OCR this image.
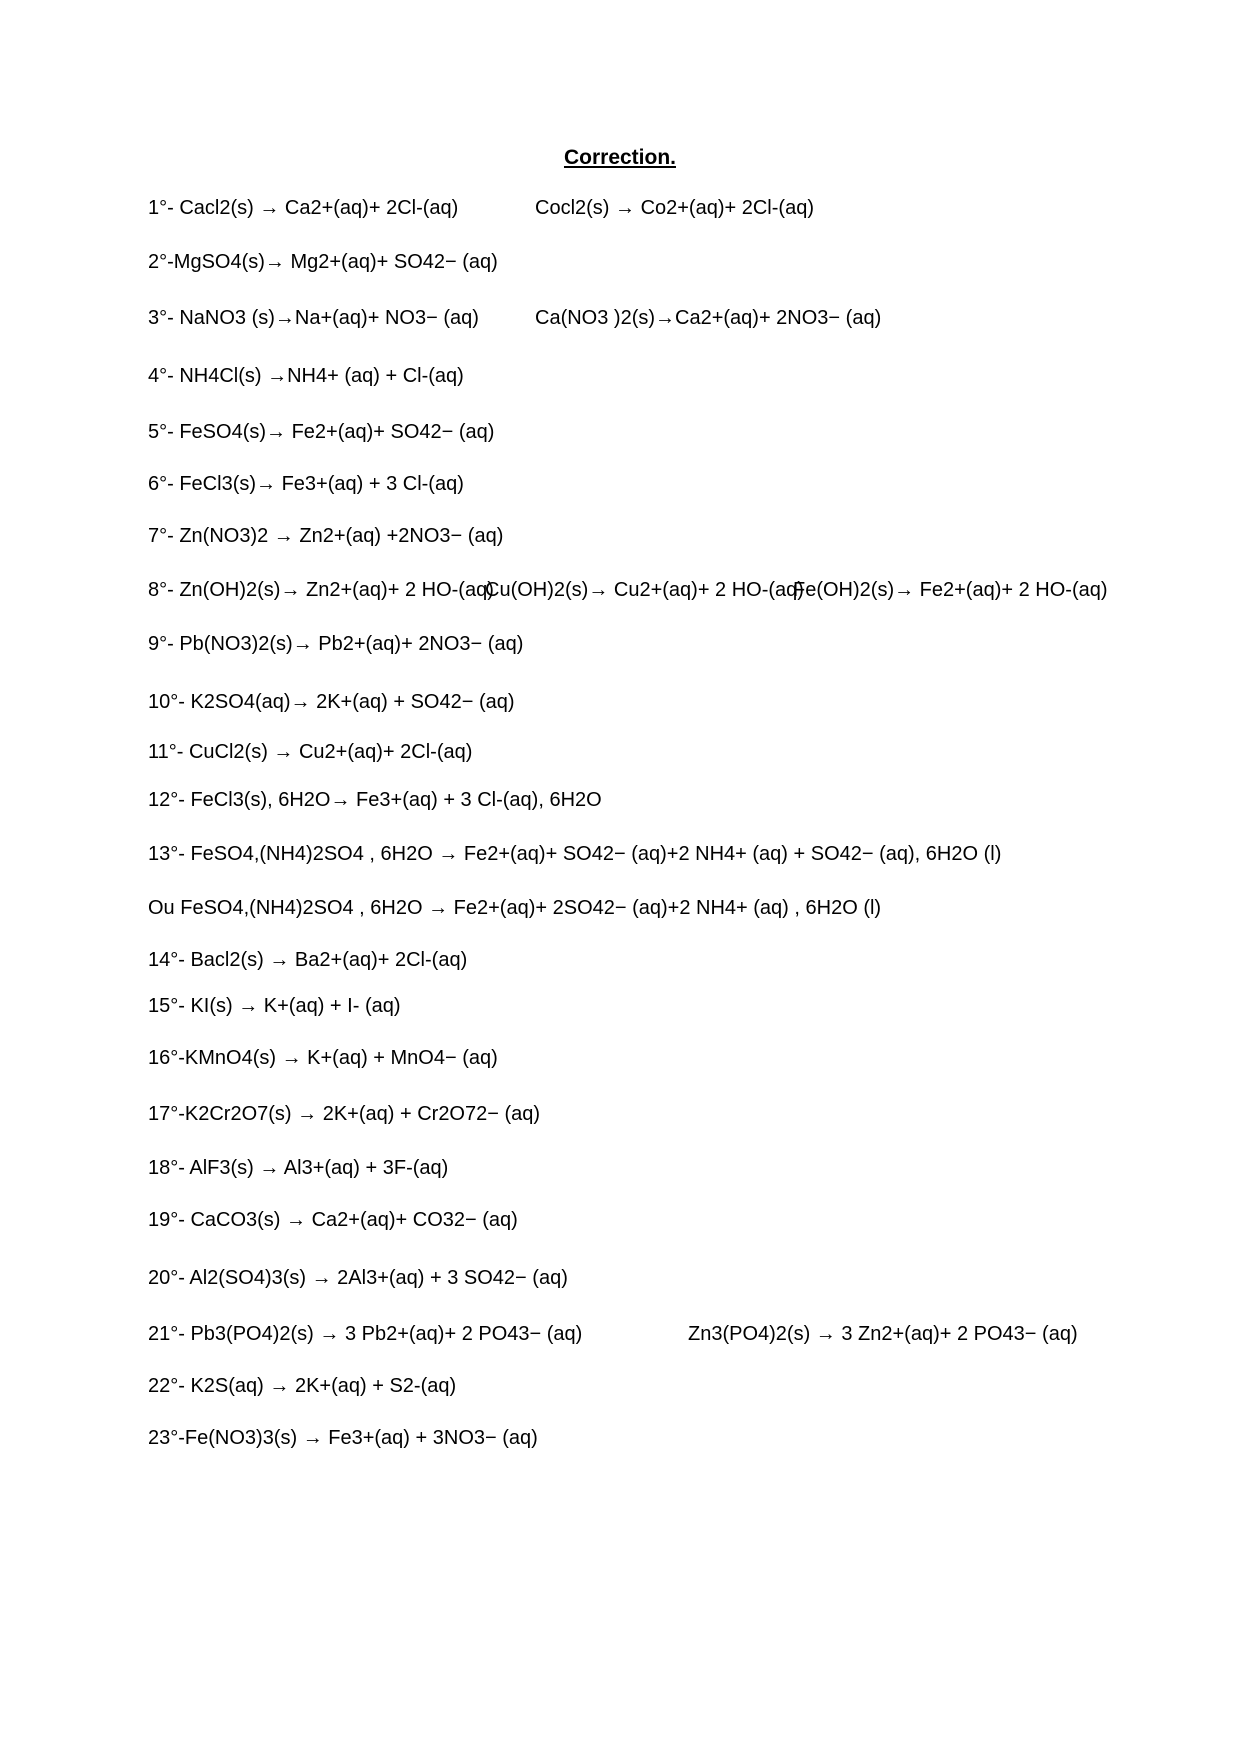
Correction.
1°- Cacl2(s) → Ca2+(aq)+ 2Cl-(aq)	Cocl2(s) → Co2+(aq)+ 2Cl-(aq)
2°-MgSO4(s)→ Mg2+(aq)+ SO42− (aq)
3°- NaNO3 (s)→Na+(aq)+ NO3− (aq)	Ca(NO3 )2(s)→Ca2+(aq)+ 2NO3− (aq)
4°- NH4Cl(s) →NH4+ (aq) + Cl-(aq)
5°- FeSO4(s)→ Fe2+(aq)+ SO42− (aq)
6°- FeCl3(s)→ Fe3+(aq) + 3 Cl-(aq)
7°- Zn(NO3)2 → Zn2+(aq) +2NO3− (aq)
8°- Zn(OH)2(s)→ Zn2+(aq)+ 2 HO-(aq)
Cu(OH)2(s)→ Cu2+(aq)+ 2 HO-(aq)
Fe(OH)2(s)→ Fe2+(aq)+ 2 HO-(aq)
9°- Pb(NO3)2(s)→ Pb2+(aq)+ 2NO3− (aq)
10°- K2SO4(aq)→ 2K+(aq) + SO42− (aq)
11°- CuCl2(s) → Cu2+(aq)+ 2Cl-(aq)
12°- FeCl3(s), 6H2O→ Fe3+(aq) + 3 Cl-(aq), 6H2O
13°- FeSO4,(NH4)2SO4 , 6H2O → Fe2+(aq)+ SO42− (aq)+2 NH4+ (aq) + SO42− (aq), 6H2O (l)
Ou FeSO4,(NH4)2SO4 , 6H2O → Fe2+(aq)+ 2SO42− (aq)+2 NH4+ (aq) , 6H2O (l)
14°- Bacl2(s) → Ba2+(aq)+ 2Cl-(aq)
15°- KI(s) → K+(aq) + I- (aq)
16°-KMnO4(s) → K+(aq) + MnO4− (aq)
17°-K2Cr2O7(s) → 2K+(aq) + Cr2O72− (aq)
18°- AlF3(s) → Al3+(aq) + 3F-(aq)
19°- CaCO3(s) → Ca2+(aq)+ CO32− (aq)
20°- Al2(SO4)3(s) → 2Al3+(aq) + 3 SO42− (aq)
21°- Pb3(PO4)2(s) → 3 Pb2+(aq)+ 2 PO43− (aq)	Zn3(PO4)2(s) → 3 Zn2+(aq)+ 2 PO43− (aq)
22°- K2S(aq) → 2K+(aq) + S2-(aq)
23°-Fe(NO3)3(s) → Fe3+(aq) + 3NO3− (aq)
